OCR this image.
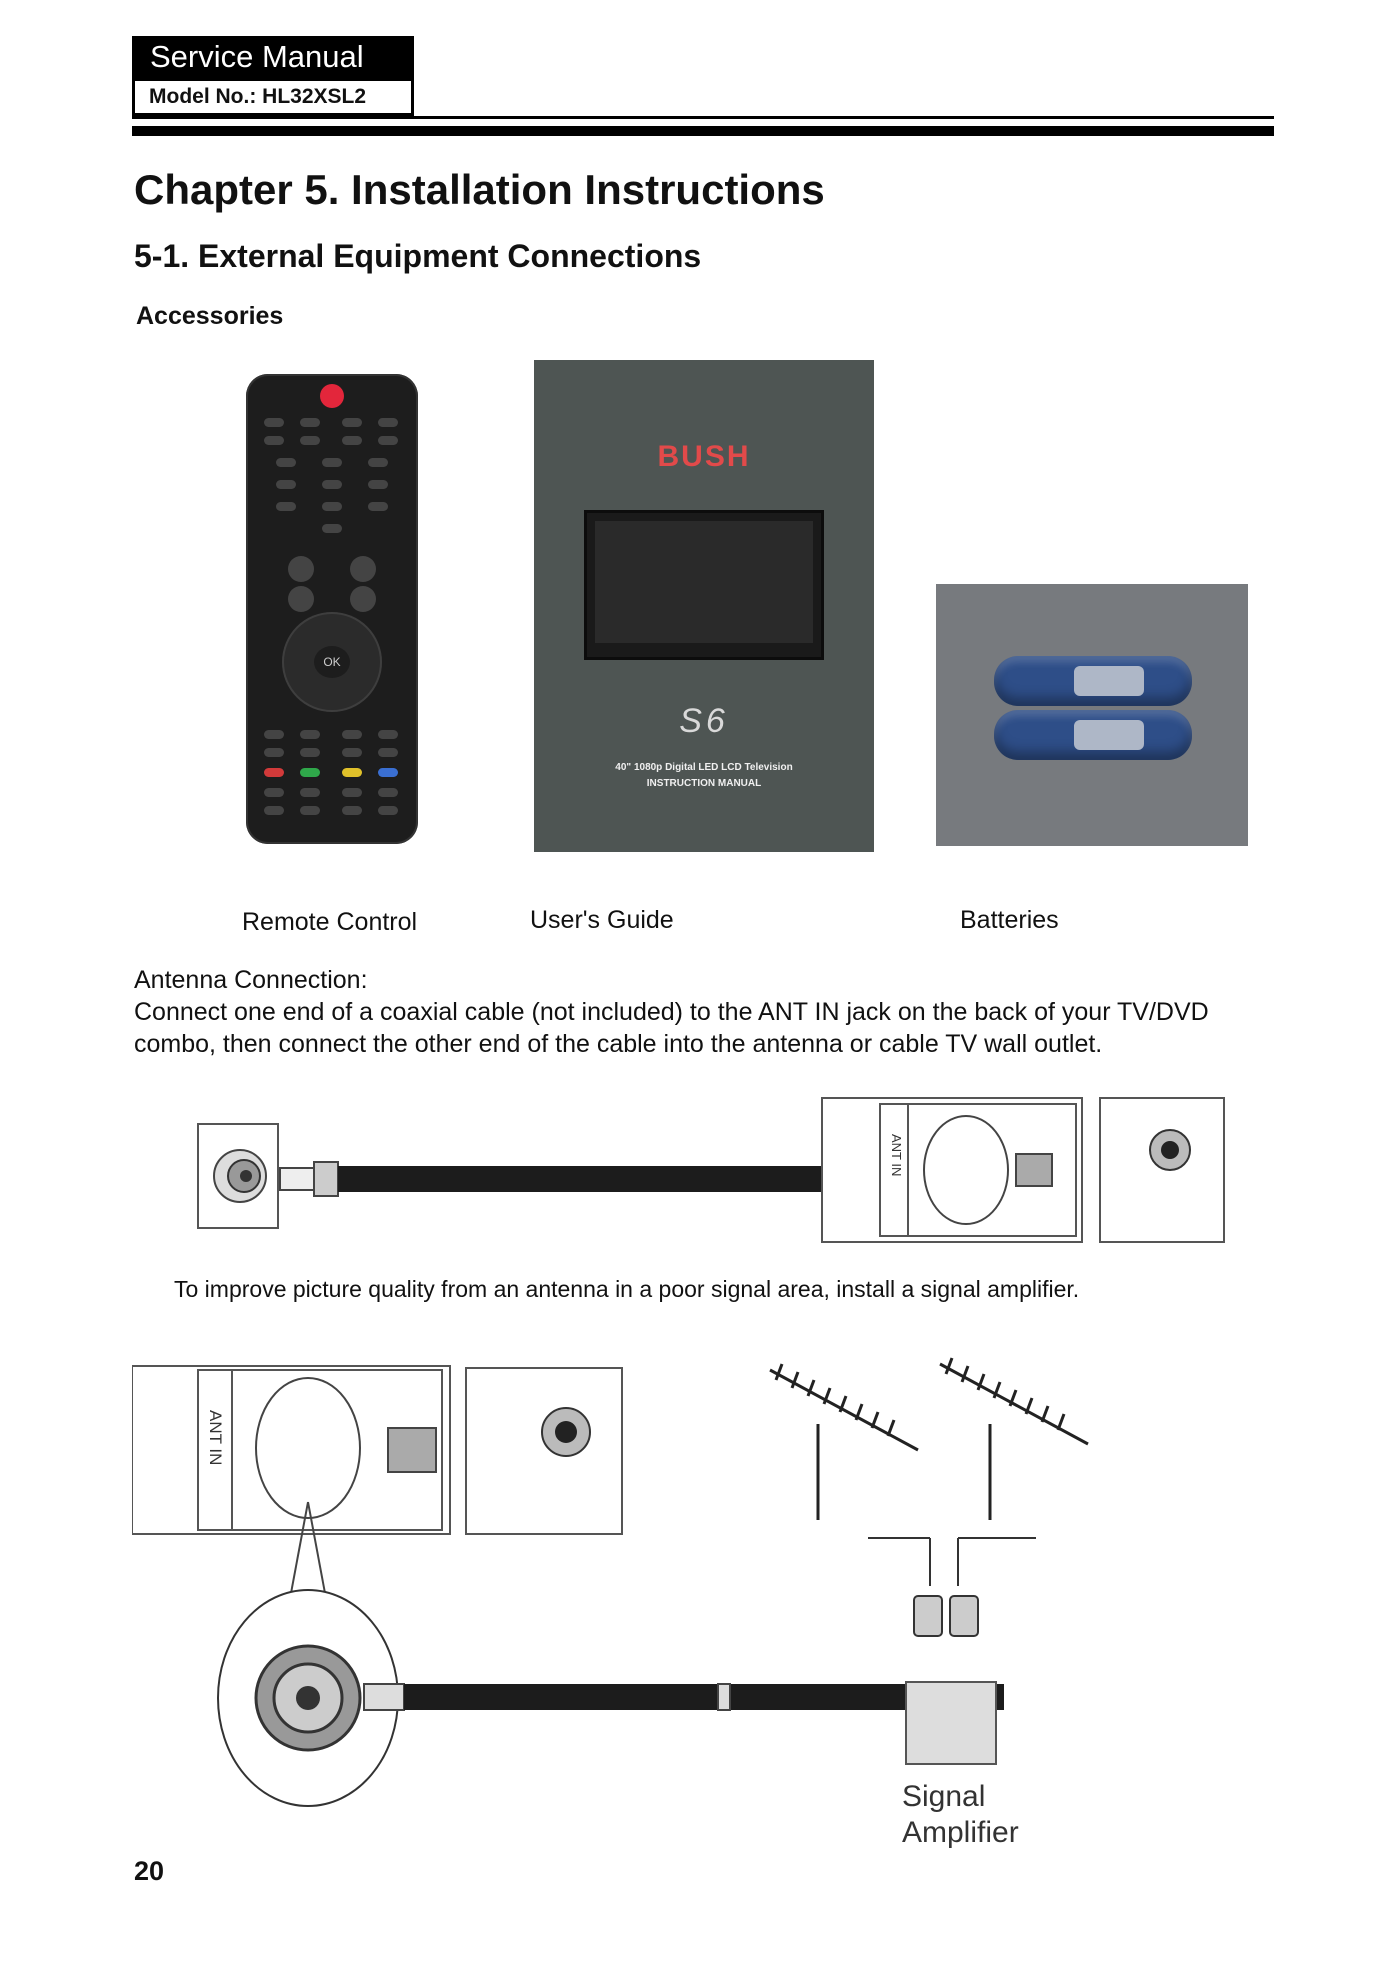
Service Manual
Model No.: HL32XSL2
Chapter 5. Installation Instructions
5-1. External Equipment Connections
Accessories
OK
BUSH
S6
40" 1080p Digital LED LCD Television
INSTRUCTION MANUAL
Remote Control	User's Guide	Batteries
Antenna Connection:
Connect one end of a coaxial cable (not included) to the ANT IN jack on the back of your TV/DVD combo, then connect the other end of the cable into the antenna or cable TV wall outlet.
ANT IN
To improve picture quality from an antenna in a poor signal area, install a signal amplifier.
ANT IN
Signal
Amplifier
20
